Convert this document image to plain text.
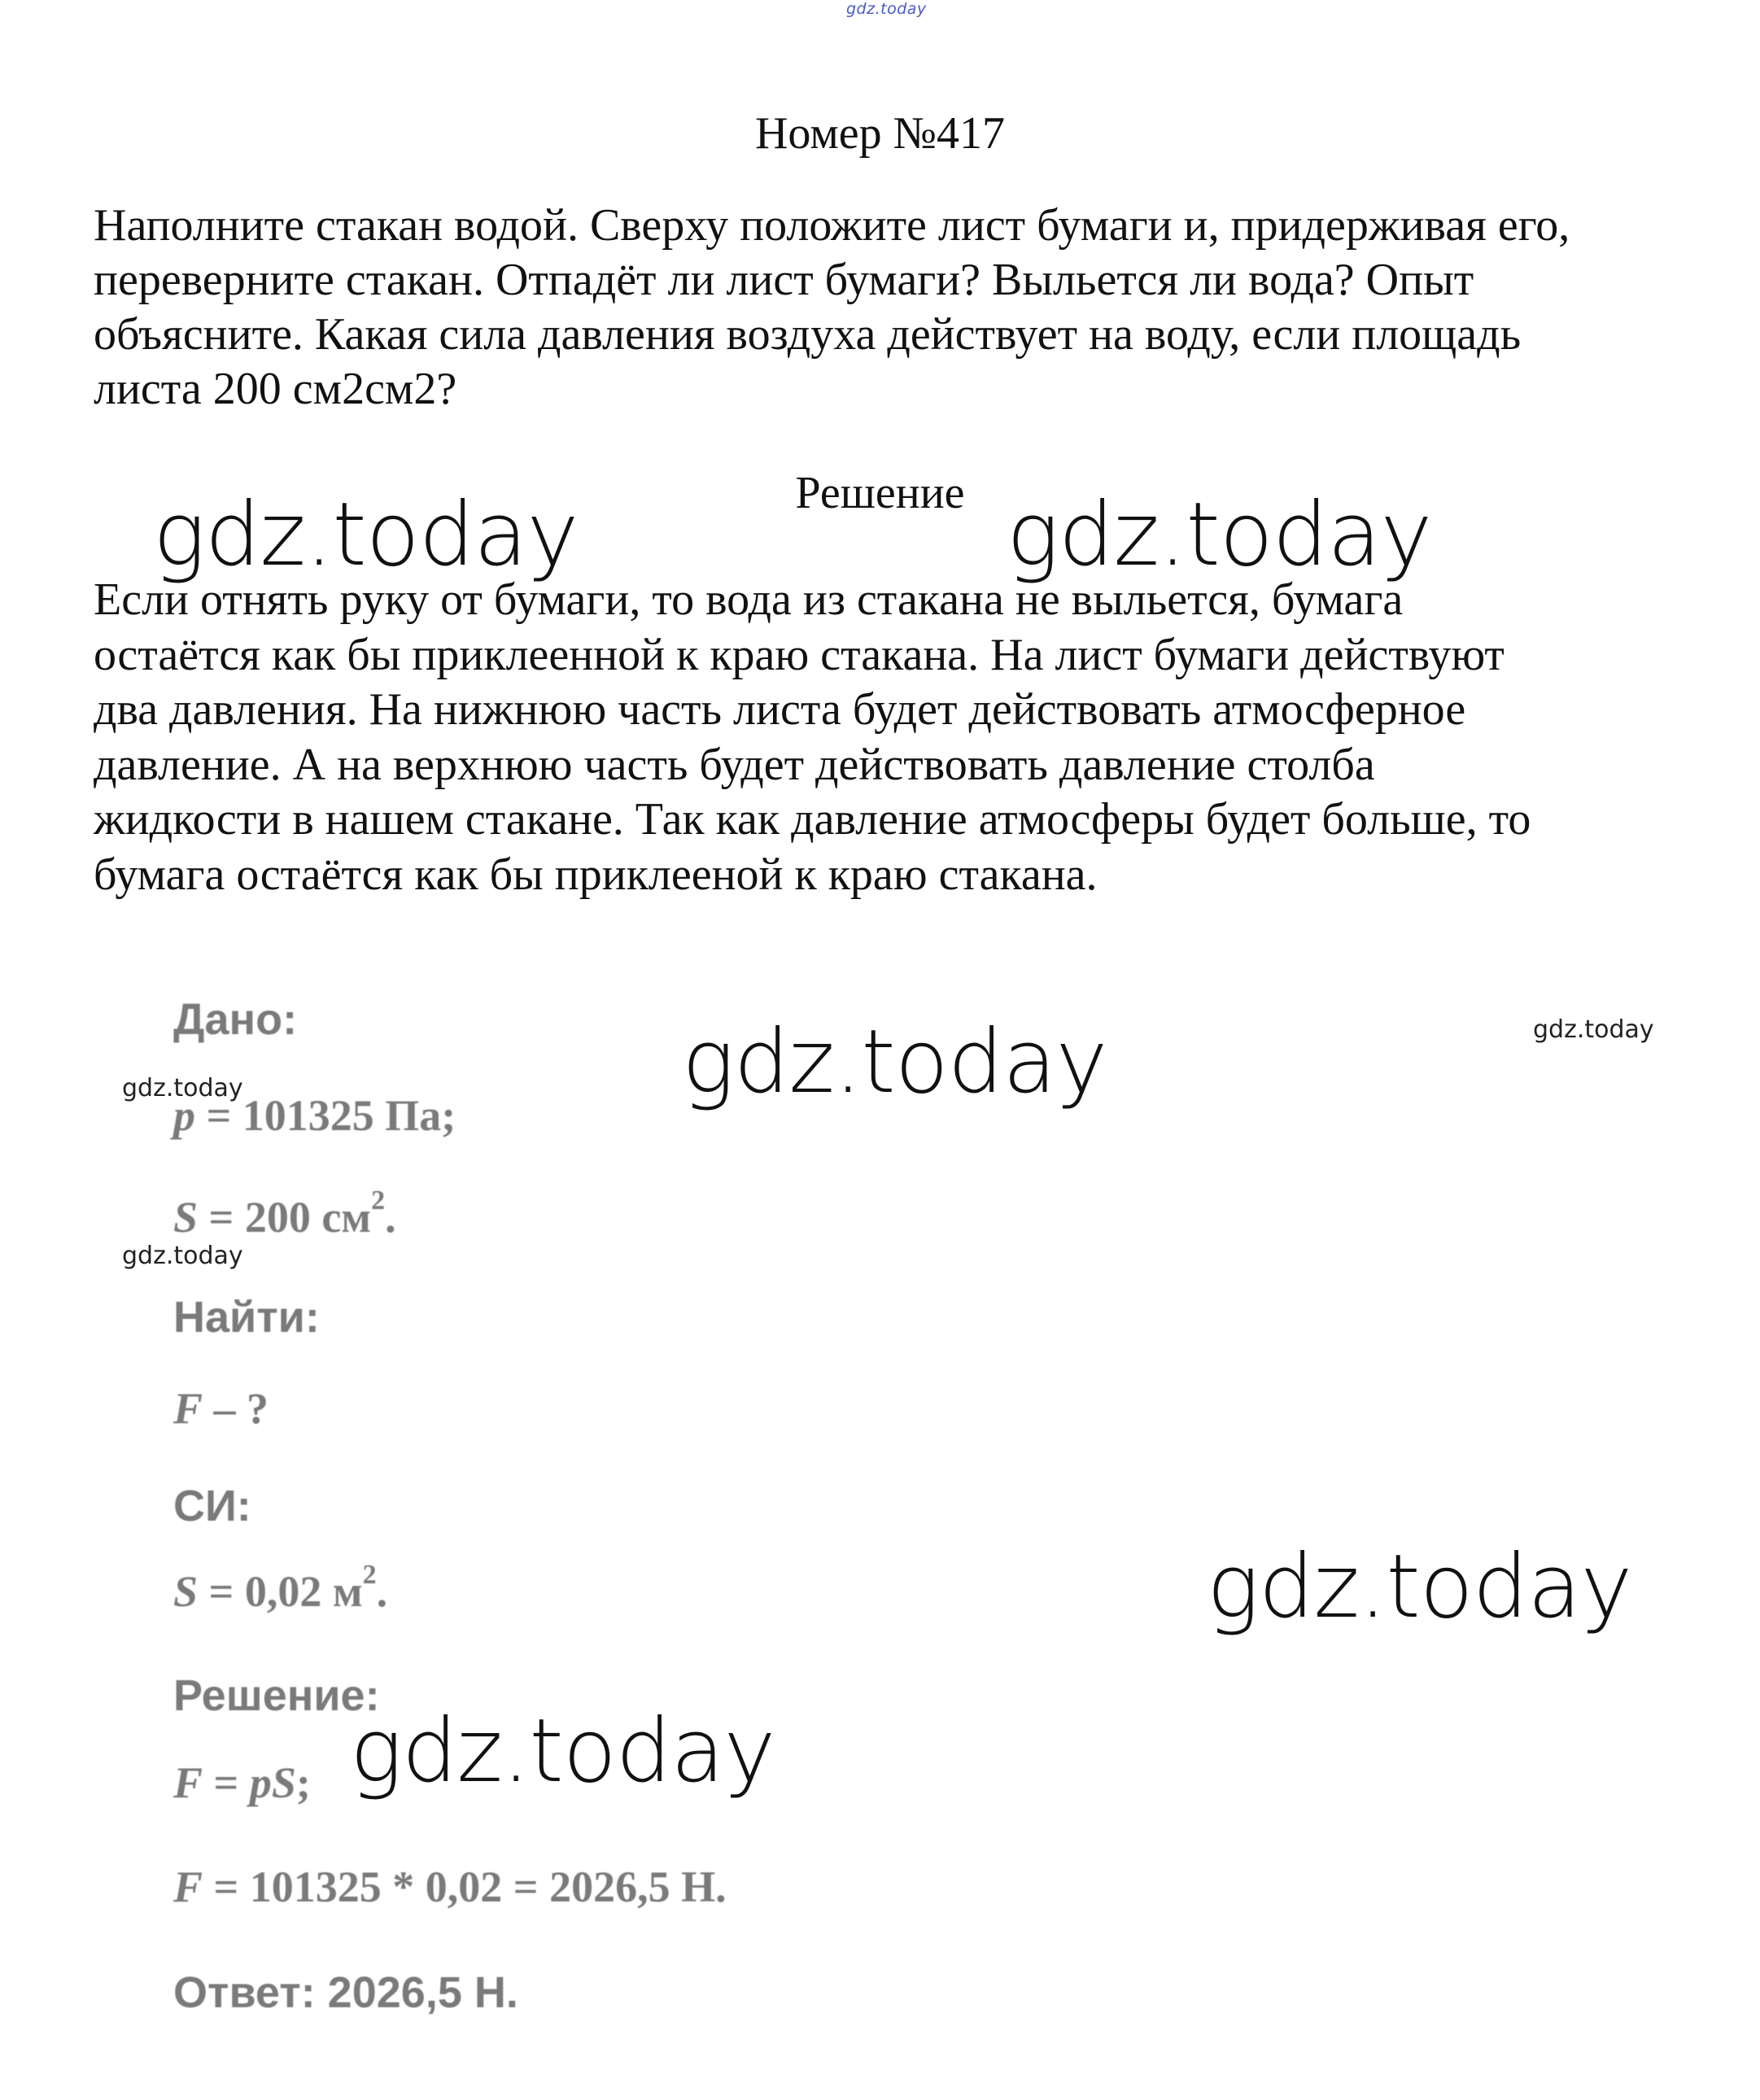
gdz.today
Номер №417
Наполните стакан водой. Сверху положите лист бумаги и, придерживая его,
переверните стакан. Отпадёт ли лист бумаги? Выльется ли вода? Опыт
объясните. Какая сила давления воздуха действует на воду, если площадь
листа 200 см2см2?
Решение
Если отнять руку от бумаги, то вода из стакана не выльется, бумага
остаётся как бы приклеенной к краю стакана. На лист бумаги действуют
два давления. На нижнюю часть листа будет действовать атмосферное
давление. А на верхнюю часть будет действовать давление столба
жидкости в нашем стакане. Так как давление атмосферы будет больше, то
бумага остаётся как бы приклееной к краю стакана.
Дано:
p = 101325 Па;
S = 200 $см^2$.
Найти:
F – ?
СИ:
S = 0,02 $м^2$.
Решение:
F = pS;
F = 101325 * 0,02 = 2026,5 Н.
Ответ: 2026,5 Н.
gdz.today	gdz.today
gdz.today
gdz.today
gdz.today
gdz.today
gdz.today
gdz.today
